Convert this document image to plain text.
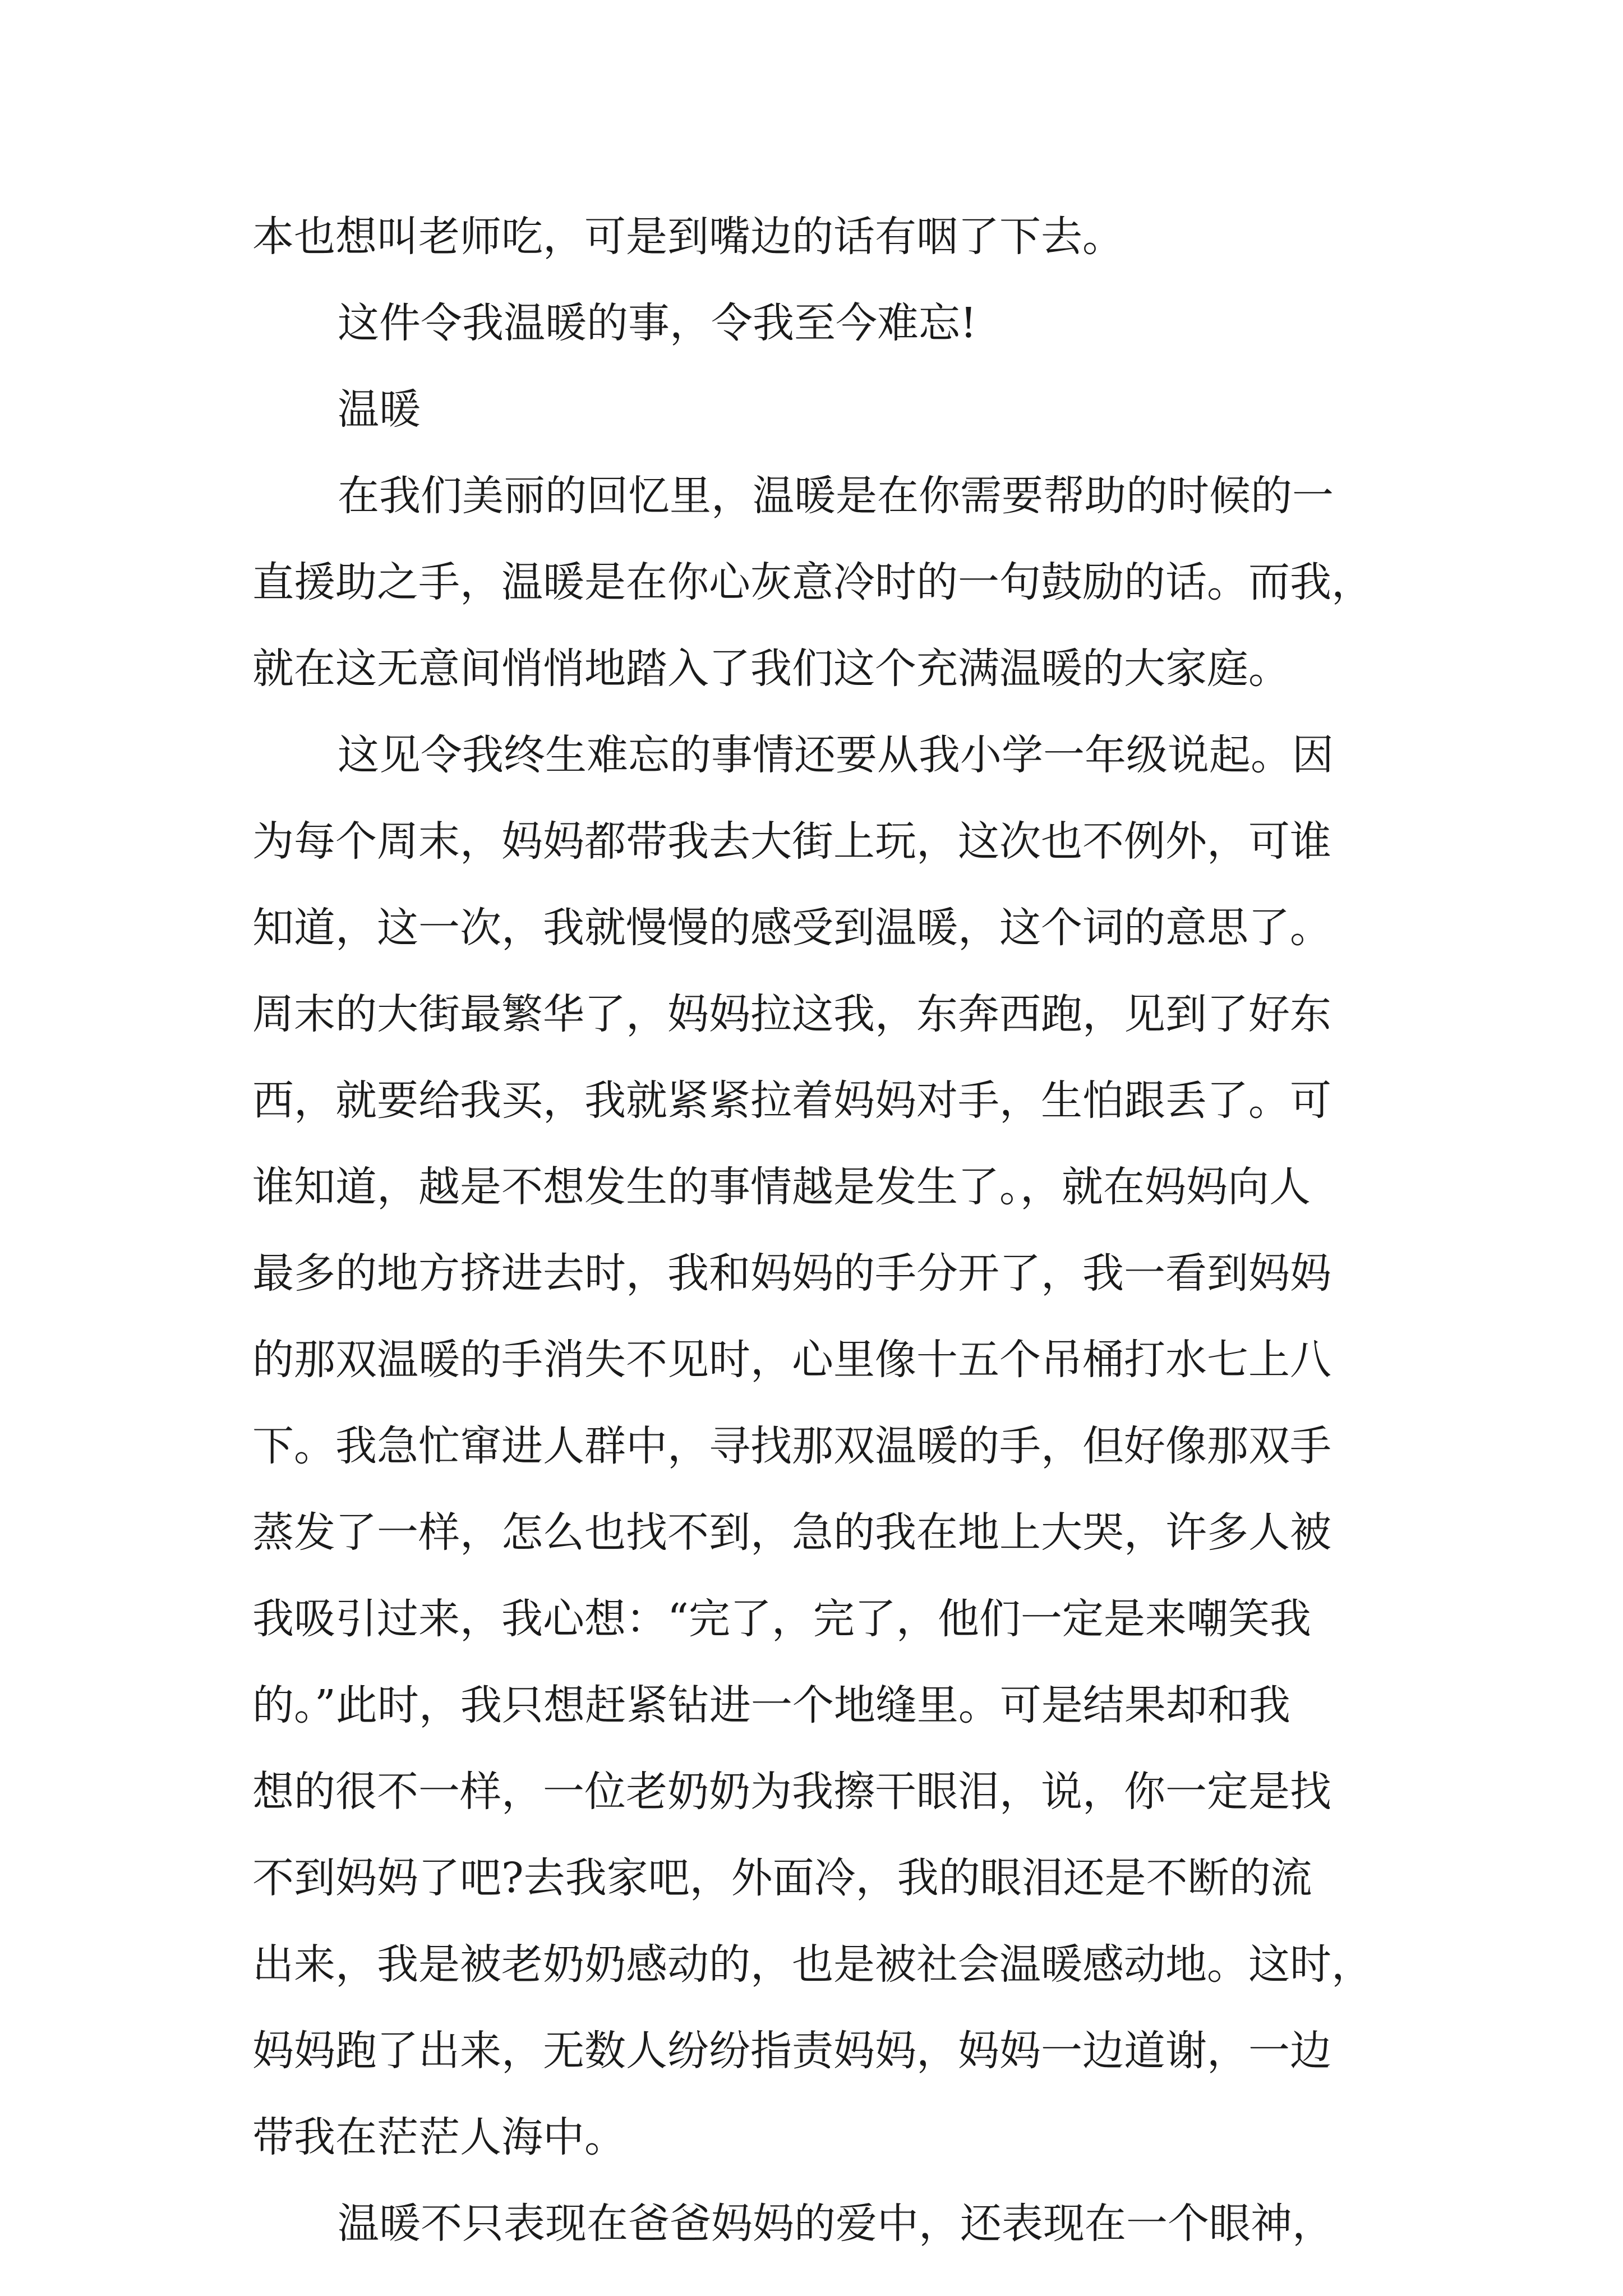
本也想叫老师吃，可是到嘴边的话有咽了下去。
这件令我温暖的事，令我至今难忘!
温暖
在我们美丽的回忆里，温暖是在你需要帮助的时候的一
直援助之手，温暖是在你心灰意冷时的一句鼓励的话。而我，
就在这无意间悄悄地踏入了我们这个充满温暖的大家庭。
这见令我终生难忘的事情还要从我小学一年级说起。因
为每个周末，妈妈都带我去大街上玩，这次也不例外，可谁
知道，这一次，我就慢慢的感受到温暖，这个词的意思了。
周末的大街最繁华了，妈妈拉这我，东奔西跑，见到了好东
西，就要给我买，我就紧紧拉着妈妈对手，生怕跟丢了。可
谁知道，越是不想发生的事情越是发生了。，就在妈妈向人
最多的地方挤进去时，我和妈妈的手分开了，我一看到妈妈
的那双温暖的手消失不见时，心里像十五个吊桶打水七上八
下。我急忙窜进人群中，寻找那双温暖的手，但好像那双手
蒸发了一样，怎么也找不到，急的我在地上大哭，许多人被
我吸引过来，我心想：“完了，完了，他们一定是来嘲笑我
的。”此时，我只想赶紧钻进一个地缝里。可是结果却和我
想的很不一样，一位老奶奶为我擦干眼泪，说，你一定是找
不到妈妈了吧?去我家吧，外面冷，我的眼泪还是不断的流
出来，我是被老奶奶感动的，也是被社会温暖感动地。这时，
妈妈跑了出来，无数人纷纷指责妈妈，妈妈一边道谢，一边
带我在茫茫人海中。
温暖不只表现在爸爸妈妈的爱中，还表现在一个眼神，
